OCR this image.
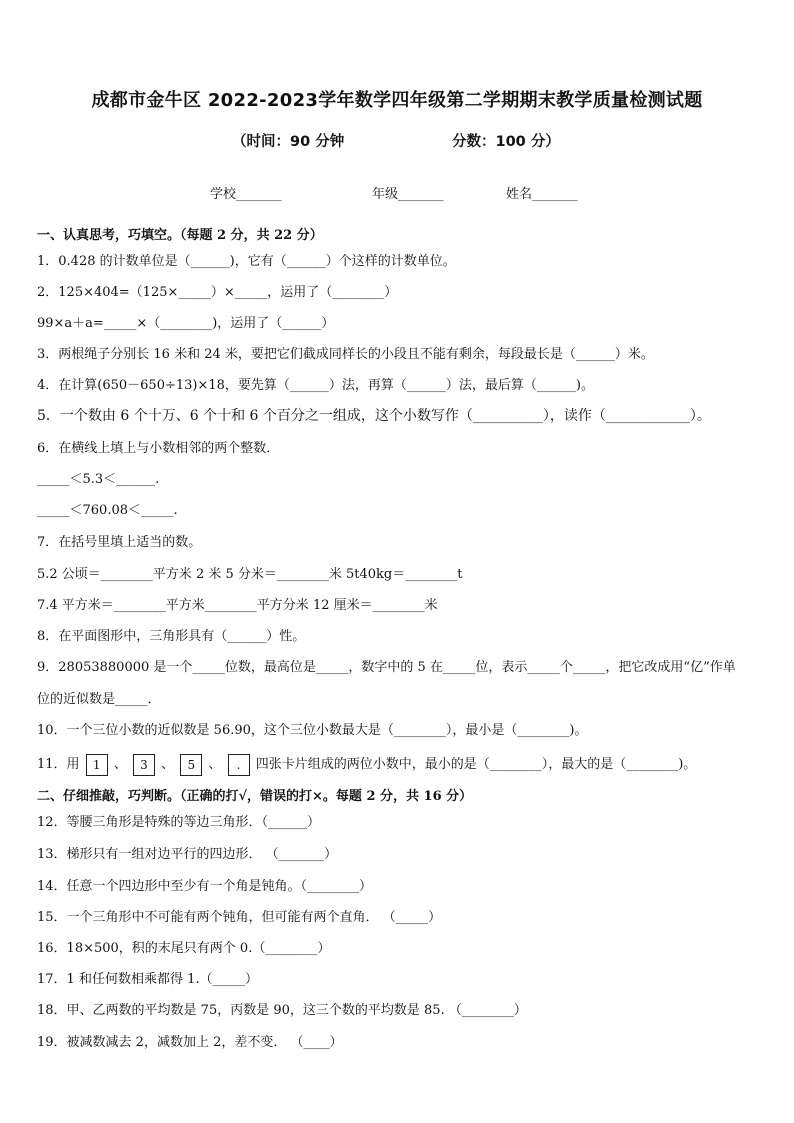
成都市金牛区 2022-2023学年数学四年级第二学期期末教学质量检测试题
（时间：90 分钟	分数：100 分）
学校_______	年级_______	姓名_______
一、认真思考，巧填空。（每题 2 分，共 22 分）
1．0.428 的计数单位是（______)，它有（______）个这样的计数单位。
2．125×404=（125×_____）×_____，运用了（________）
99×a＋a=_____×（________)，运用了（______）
3．两根绳子分别长 16 米和 24 米，要把它们截成同样长的小段且不能有剩余，每段最长是（______）米。
4．在计算(650－650÷13)×18，要先算（______）法，再算（______）法，最后算（______)。
5．一个数由 6 个十万、6 个十和 6 个百分之一组成，这个小数写作（__________），读作（____________）。
6．在横线上填上与小数相邻的两个整数．
_____＜5.3＜______.
_____＜760.08＜_____.
7．在括号里填上适当的数。
5.2 公顷＝________平方米 2 米 5 分米＝________米 5t40kg＝________t
7.4 平方米＝________平方米________平方分米 12 厘米＝________米
8．在平面图形中，三角形具有（______）性。
9．28053880000 是一个_____位数，最高位是_____，数字中的 5 在_____位，表示_____个_____，把它改成用“亿”作单
位的近似数是_____．
10．一个三位小数的近似数是 56.90，这个三位小数最大是（________），最小是（________)。
11．用 1 、 3 、 5 、 . 四张卡片组成的两位小数中，最小的是（________），最大的是（________)。
二、仔细推敲，巧判断。（正确的打√，错误的打×。每题 2 分，共 16 分）
12．等腰三角形是特殊的等边三角形．（______）
13．梯形只有一组对边平行的四边形． （_______）
14．任意一个四边形中至少有一个角是钝角。（________）
15．一个三角形中不可能有两个钝角，但可能有两个直角． （_____）
16．18×500，积的末尾只有两个 0.（________）
17．1 和任何数相乘都得 1.（_____）
18．甲、乙两数的平均数是 75，丙数是 90，这三个数的平均数是 85. （________）
19．被减数减去 2，减数加上 2，差不变． （____）
